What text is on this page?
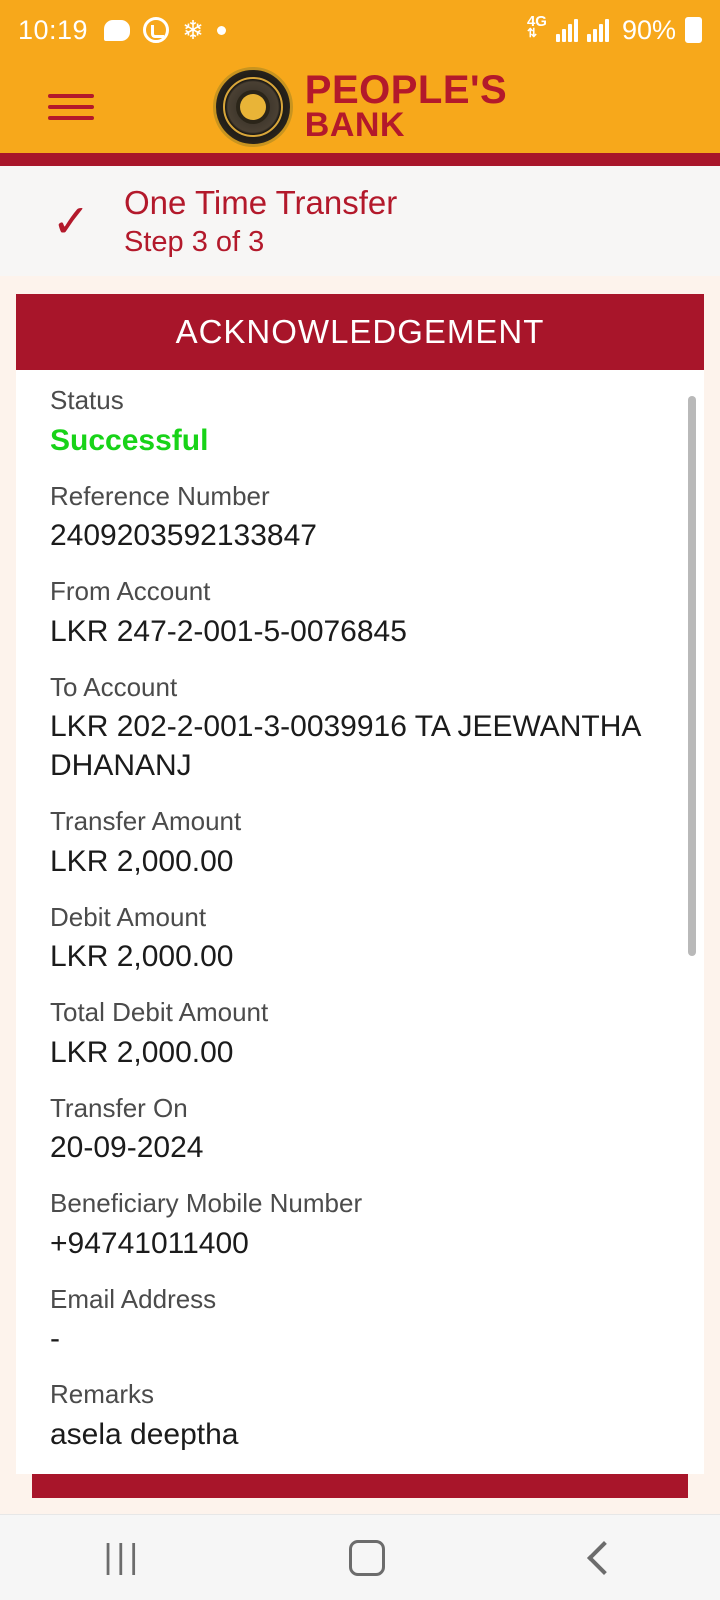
10:19	❄	4G
⇅	90%
PEOPLE'S
BANK
✓	One Time Transfer
Step 3 of 3
ACKNOWLEDGEMENT
Status
Successful
Reference Number
2409203592133847
From Account
LKR 247-2-001-5-0076845
To Account
LKR 202-2-001-3-0039916 TA JEEWANTHA DHANANJ
Transfer Amount
LKR 2,000.00
Debit Amount
LKR 2,000.00
Total Debit Amount
LKR 2,000.00
Transfer On
20-09-2024
Beneficiary Mobile Number
+94741011400
Email Address
-
Remarks
asela deeptha
|||
